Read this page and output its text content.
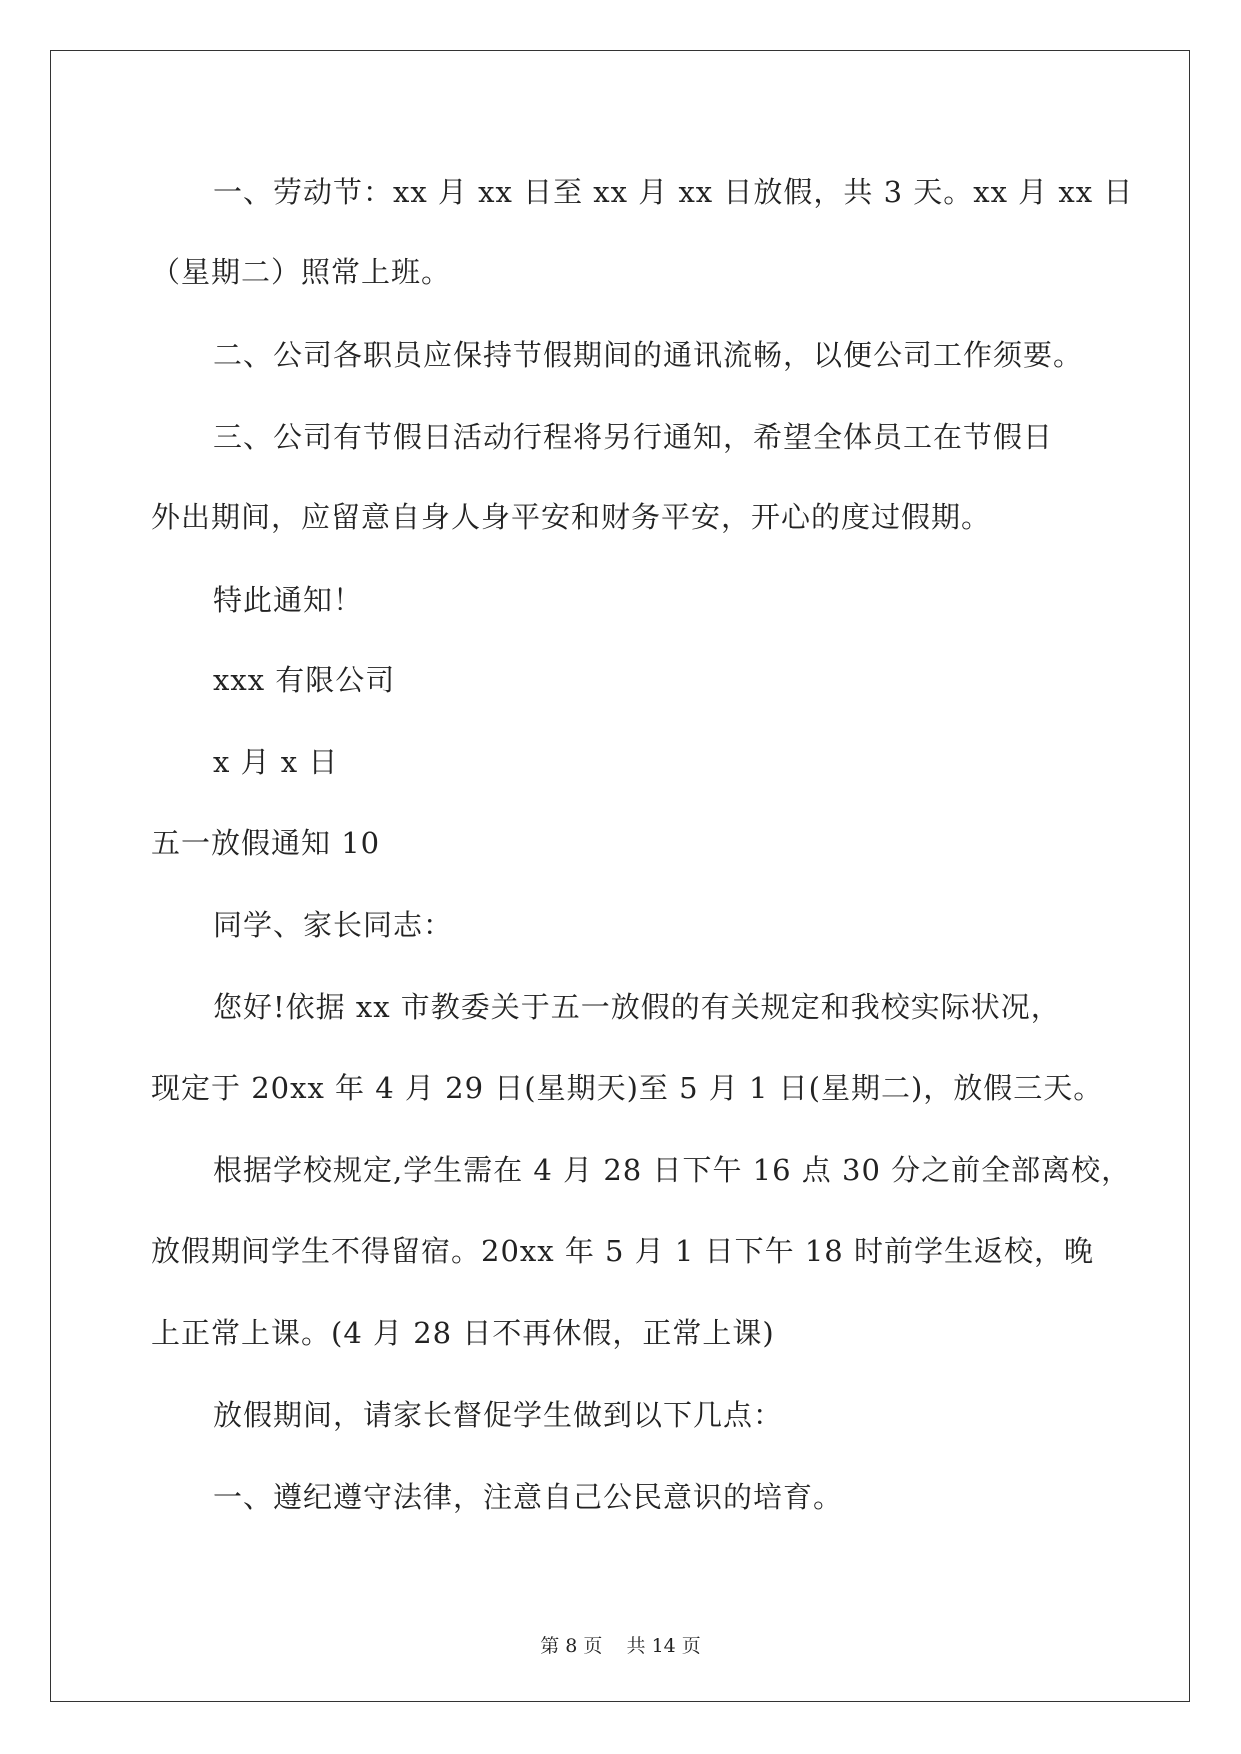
一、劳动节：xx 月 xx 日至 xx 月 xx 日放假，共 3 天。xx 月 xx 日
（星期二）照常上班。
二、公司各职员应保持节假期间的通讯流畅，以便公司工作须要。
三、公司有节假日活动行程将另行通知，希望全体员工在节假日
外出期间，应留意自身人身平安和财务平安，开心的度过假期。
特此通知！
xxx 有限公司
x 月 x 日
五一放假通知 10
同学、家长同志：
您好!依据 xx 市教委关于五一放假的有关规定和我校实际状况，
现定于 20xx 年 4 月 29 日(星期天)至 5 月 1 日(星期二)，放假三天。
根据学校规定,学生需在 4 月 28 日下午 16 点 30 分之前全部离校，
放假期间学生不得留宿。20xx 年 5 月 1 日下午 18 时前学生返校，晚
上正常上课。(4 月 28 日不再休假，正常上课)
放假期间，请家长督促学生做到以下几点：
一、遵纪遵守法律，注意自己公民意识的培育。
第 8 页    共 14 页
